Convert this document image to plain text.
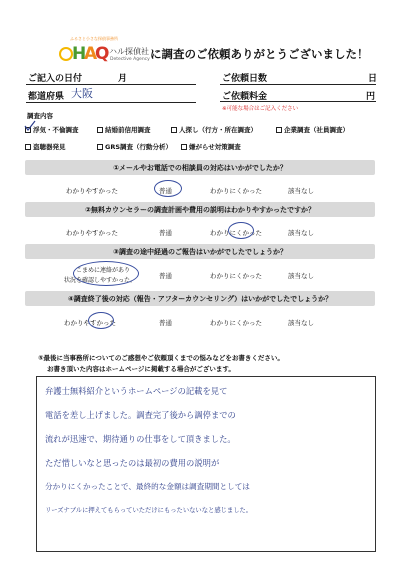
ふるさと小さな探偵事務所
H
A
Q ハル探偵社
Detective Agency に調査のご依頼ありがとうございました！
ご記入の日付	月
都道府県 大阪
ご依頼日数	日
ご依頼料金	円
※可能な場合はご記入ください
調査内容
浮気・不倫調査	結婚前信用調査	人探し（行方・所在調査）	企業調査（社員調査）
盗聴器発見	GRS調査（行動分析）	嫌がらせ対策調査
①メールやお電話での相談員の対応はいかがでしたか？
わかりやすかった	普通	わかりにくかった	該当なし
②無料カウンセラーの調査計画や費用の説明はわかりやすかったですか？
わかりやすかった	普通	わかりにくかった	該当なし
③調査の途中経過のご報告はいかがでしたでしょうか？
こまめに連絡があり
状況を確認しやすかった。
普通	わかりにくかった	該当なし
④調査終了後の対応（報告・アフターカウンセリング）はいかがでしたでしょうか？
わかりやすかった	普通	わかりにくかった	該当なし
⑤最後に当事務所についてのご感想やご依頼頂くまでの悩みなどをお書きください。
お書き頂いた内容はホームページに掲載する場合がございます。
弁護士無料紹介というホームページの記載を見て
電話を差し上げました。調査完了後から調停までの
流れが迅速で、期待通りの仕事をして頂きました。
ただ惜しいなと思ったのは最初の費用の説明が
分かりにくかったことで、最終的な金額は調査期間としては
リーズナブルに押えてもらっていただけにもったいないなと感じました。
